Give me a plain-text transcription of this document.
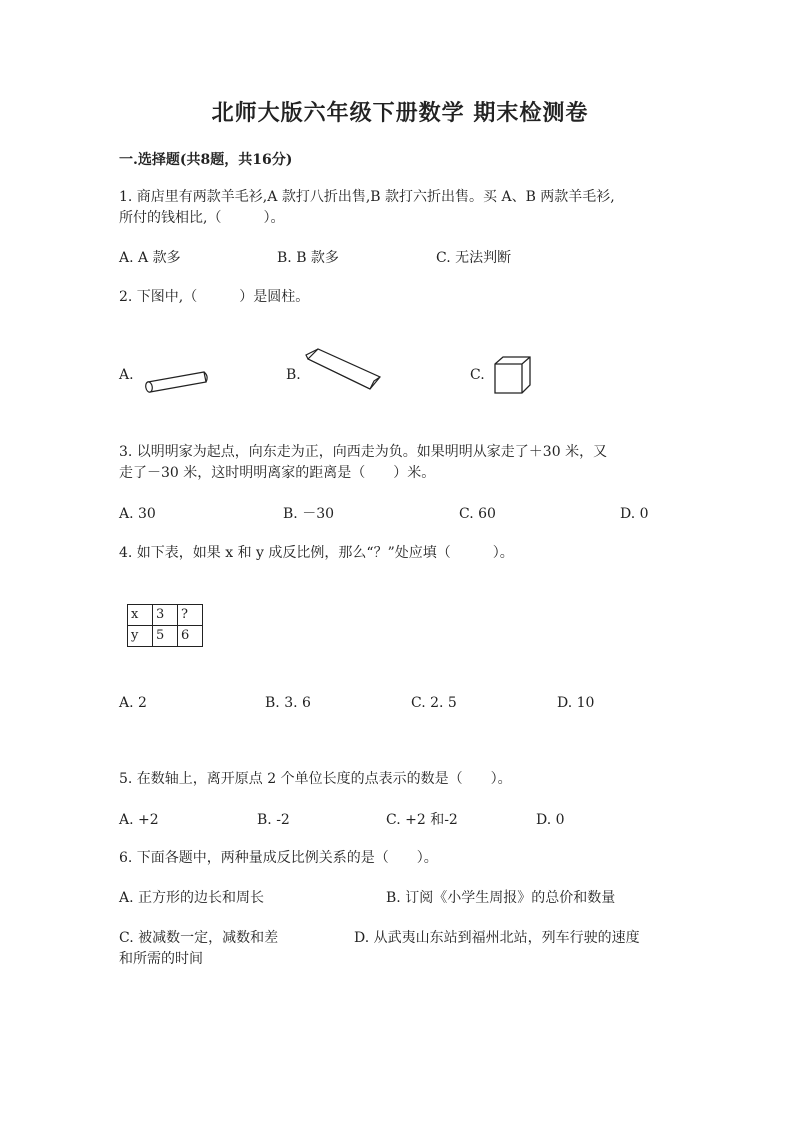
北师大版六年级下册数学 期末检测卷
一.选择题(共8题，共16分)
1. 商店里有两款羊毛衫,A 款打八折出售,B 款打六折出售。买 A、B 两款羊毛衫,
所付的钱相比,（　　　）。
A. A 款多	B. B 款多	C. 无法判断
2. 下图中,（　　　）是圆柱。
A.	B.	C.
3. 以明明家为起点，向东走为正，向西走为负。如果明明从家走了＋30 米，又
走了－30 米，这时明明离家的距离是（　　）米。
A. 30	B. －30	C. 60	D. 0
4. 如下表，如果 x 和 y 成反比例，那么“？”处应填（　　　）。
x	3	?
y	5	6
A. 2	B. 3. 6	C. 2. 5	D. 10
5. 在数轴上，离开原点 2 个单位长度的点表示的数是（　　）。
A. +2	B. -2	C. +2 和-2	D. 0
6. 下面各题中，两种量成反比例关系的是（　　）。
A. 正方形的边长和周长	B. 订阅《小学生周报》的总价和数量
C. 被减数一定，减数和差	D. 从武夷山东站到福州北站，列车行驶的速度
和所需的时间
